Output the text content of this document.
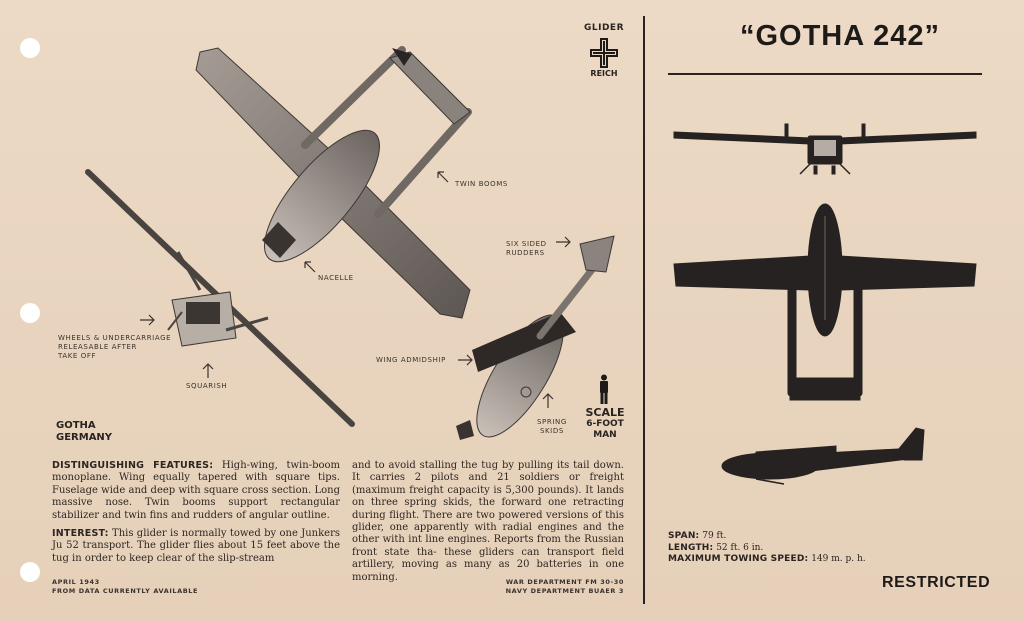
GLIDER
REICH
TWIN BOOMS
NACELLE
SIX SIDED
RUDDERS
WHEELS & UNDERCARRIAGE
RELEASABLE AFTER
TAKE OFF
SQUARISH
WING ADMIDSHIP
SPRING
SKIDS
GOTHA
GERMANY
SCALE
6-FOOT
MAN

DISTINGUISHING FEATURES: High-wing, twin-boom monoplane. Wing equally tapered with square tips. Fuselage wide and deep with square cross section. Long massive nose. Twin booms support rectangular stabilizer and twin fins and rudders of angular outline.

INTEREST: This glider is normally towed by one Junkers Ju 52 transport. The glider flies about 15 feet above the tug in order to keep clear of the slip-stream

and to avoid stalling the tug by pulling its tail down. It carries 2 pilots and 21 soldiers or freight (maximum freight capacity is 5,300 pounds). It lands on three spring skids, the forward one retracting during flight. There are two powered versions of this glider, one apparently with radial engines and the other with int line engines. Reports from the Russian front state tha- these gliders can transport field artillery, moving as many as 20 batteries in one morning.
APRIL 1943
FROM DATA CURRENTLY AVAILABLE
WAR DEPARTMENT FM 30-30
NAVY DEPARTMENT BUAER 3
“GOTHA 242”
SPAN: 79 ft.
LENGTH: 52 ft. 6 in.
MAXIMUM TOWING SPEED: 149 m. p. h.
RESTRICTED
